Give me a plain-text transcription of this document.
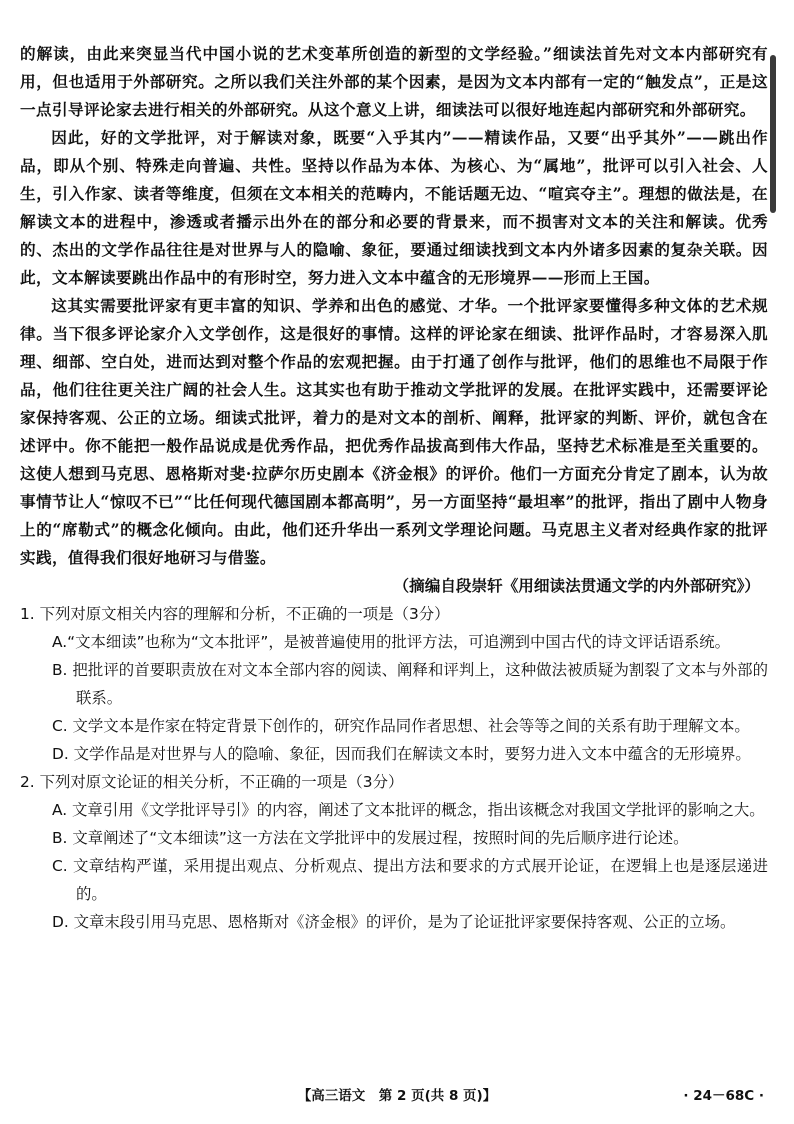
的解读，由此来突显当代中国小说的艺术变革所创造的新型的文学经验。”细读法首先对文本内部研究有用，但也适用于外部研究。之所以我们关注外部的某个因素，是因为文本内部有一定的“触发点”，正是这一点引导评论家去进行相关的外部研究。从这个意义上讲，细读法可以很好地连起内部研究和外部研究。

因此，好的文学批评，对于解读对象，既要“入乎其内”——精读作品，又要“出乎其外”——跳出作品，即从个别、特殊走向普遍、共性。坚持以作品为本体、为核心、为“属地”，批评可以引入社会、人生，引入作家、读者等维度，但须在文本相关的范畴内，不能话题无边、“喧宾夺主”。理想的做法是，在解读文本的进程中，渗透或者播示出外在的部分和必要的背景来，而不损害对文本的关注和解读。优秀的、杰出的文学作品往往是对世界与人的隐喻、象征，要通过细读找到文本内外诸多因素的复杂关联。因此，文本解读要跳出作品中的有形时空，努力进入文本中蕴含的无形境界——形而上王国。

这其实需要批评家有更丰富的知识、学养和出色的感觉、才华。一个批评家要懂得多种文体的艺术规律。当下很多评论家介入文学创作，这是很好的事情。这样的评论家在细读、批评作品时，才容易深入肌理、细部、空白处，进而达到对整个作品的宏观把握。由于打通了创作与批评，他们的思维也不局限于作品，他们往往更关注广阔的社会人生。这其实也有助于推动文学批评的发展。在批评实践中，还需要评论家保持客观、公正的立场。细读式批评，着力的是对文本的剖析、阐释，批评家的判断、评价，就包含在述评中。你不能把一般作品说成是优秀作品，把优秀作品拔高到伟大作品，坚持艺术标准是至关重要的。这使人想到马克思、恩格斯对斐·拉萨尔历史剧本《济金根》的评价。他们一方面充分肯定了剧本，认为故事情节让人“惊叹不已”“比任何现代德国剧本都高明”，另一方面坚持“最坦率”的批评，指出了剧中人物身上的“席勒式”的概念化倾向。由此，他们还升华出一系列文学理论问题。马克思主义者对经典作家的批评实践，值得我们很好地研习与借鉴。

（摘编自段崇轩《用细读法贯通文学的内外部研究》）

1. 下列对原文相关内容的理解和分析，不正确的一项是（3分）

A.“文本细读”也称为“文本批评”，是被普遍使用的批评方法，可追溯到中国古代的诗文评话语系统。

B. 把批评的首要职责放在对文本全部内容的阅读、阐释和评判上，这种做法被质疑为割裂了文本与外部的联系。

C. 文学文本是作家在特定背景下创作的，研究作品同作者思想、社会等等之间的关系有助于理解文本。

D. 文学作品是对世界与人的隐喻、象征，因而我们在解读文本时，要努力进入文本中蕴含的无形境界。

2. 下列对原文论证的相关分析，不正确的一项是（3分）

A. 文章引用《文学批评导引》的内容，阐述了文本批评的概念，指出该概念对我国文学批评的影响之大。

B. 文章阐述了“文本细读”这一方法在文学批评中的发展过程，按照时间的先后顺序进行论述。

C. 文章结构严谨，采用提出观点、分析观点、提出方法和要求的方式展开论证，在逻辑上也是逐层递进的。

D. 文章末段引用马克思、恩格斯对《济金根》的评价，是为了论证批评家要保持客观、公正的立场。

【高三语文　第 2 页(共 8 页)】	· 24－68C ·
